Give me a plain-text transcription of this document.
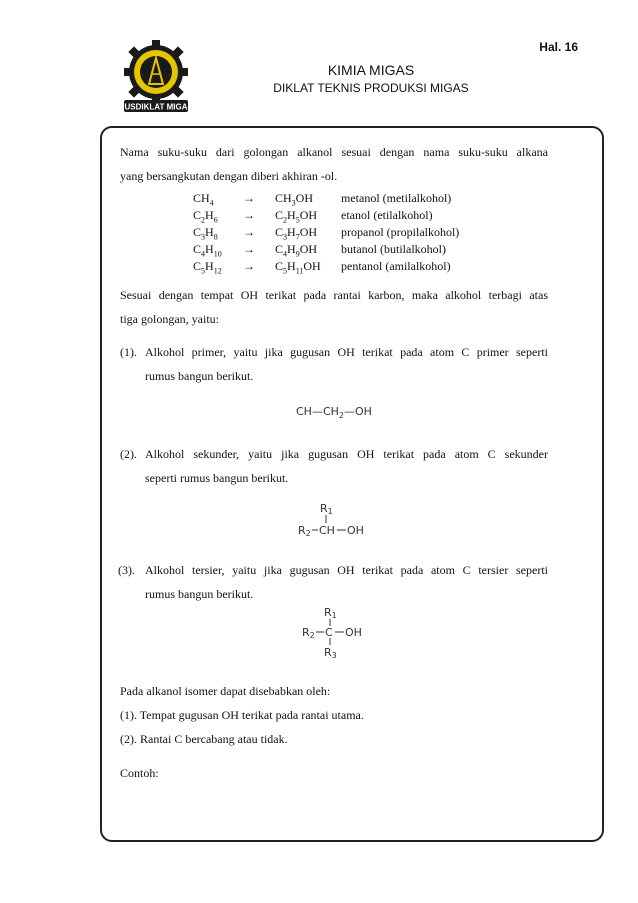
Hal. 16
PUSDIKLAT MIGAS
KIMIA MIGAS
DIKLAT TEKNIS PRODUKSI MIGAS
Nama suku-suku dari golongan alkanol sesuai dengan nama suku-suku alkana
yang bersangkutan dengan diberi akhiran -ol.
$CH_4 \to CH_3OH$ metanol (metilalkohol)
$C_2H_6 \to C_2H_5OH$ etanol (etilalkohol)
$C_3H_8 \to C_3H_7OH$ propanol (propilalkohol)
$C_4H_{10} \to C_4H_9OH$ butanol (butilalkohol)
$C_5H_{12} \to C_5H_{11}OH$ pentanol (amilalkohol)
Sesuai dengan tempat OH terikat pada rantai karbon, maka alkohol terbagi atas
tiga golongan, yaitu:
(1). Alkohol primer, yaitu jika gugusan OH terikat pada atom C primer seperti
rumus bangun berikut.
$CH—CH_2—OH$
(2). Alkohol sekunder, yaitu jika gugusan OH terikat pada atom C sekunder
seperti rumus bangun berikut.
R1
R2 CH OH
(3). Alkohol tersier, yaitu jika gugusan OH terikat pada atom C tersier seperti
rumus bangun berikut.
R1
R2 C OH
R3
Pada alkanol isomer dapat disebabkan oleh:
(1). Tempat gugusan OH terikat pada rantai utama.
(2). Rantai C bercabang atau tidak.
Contoh:
